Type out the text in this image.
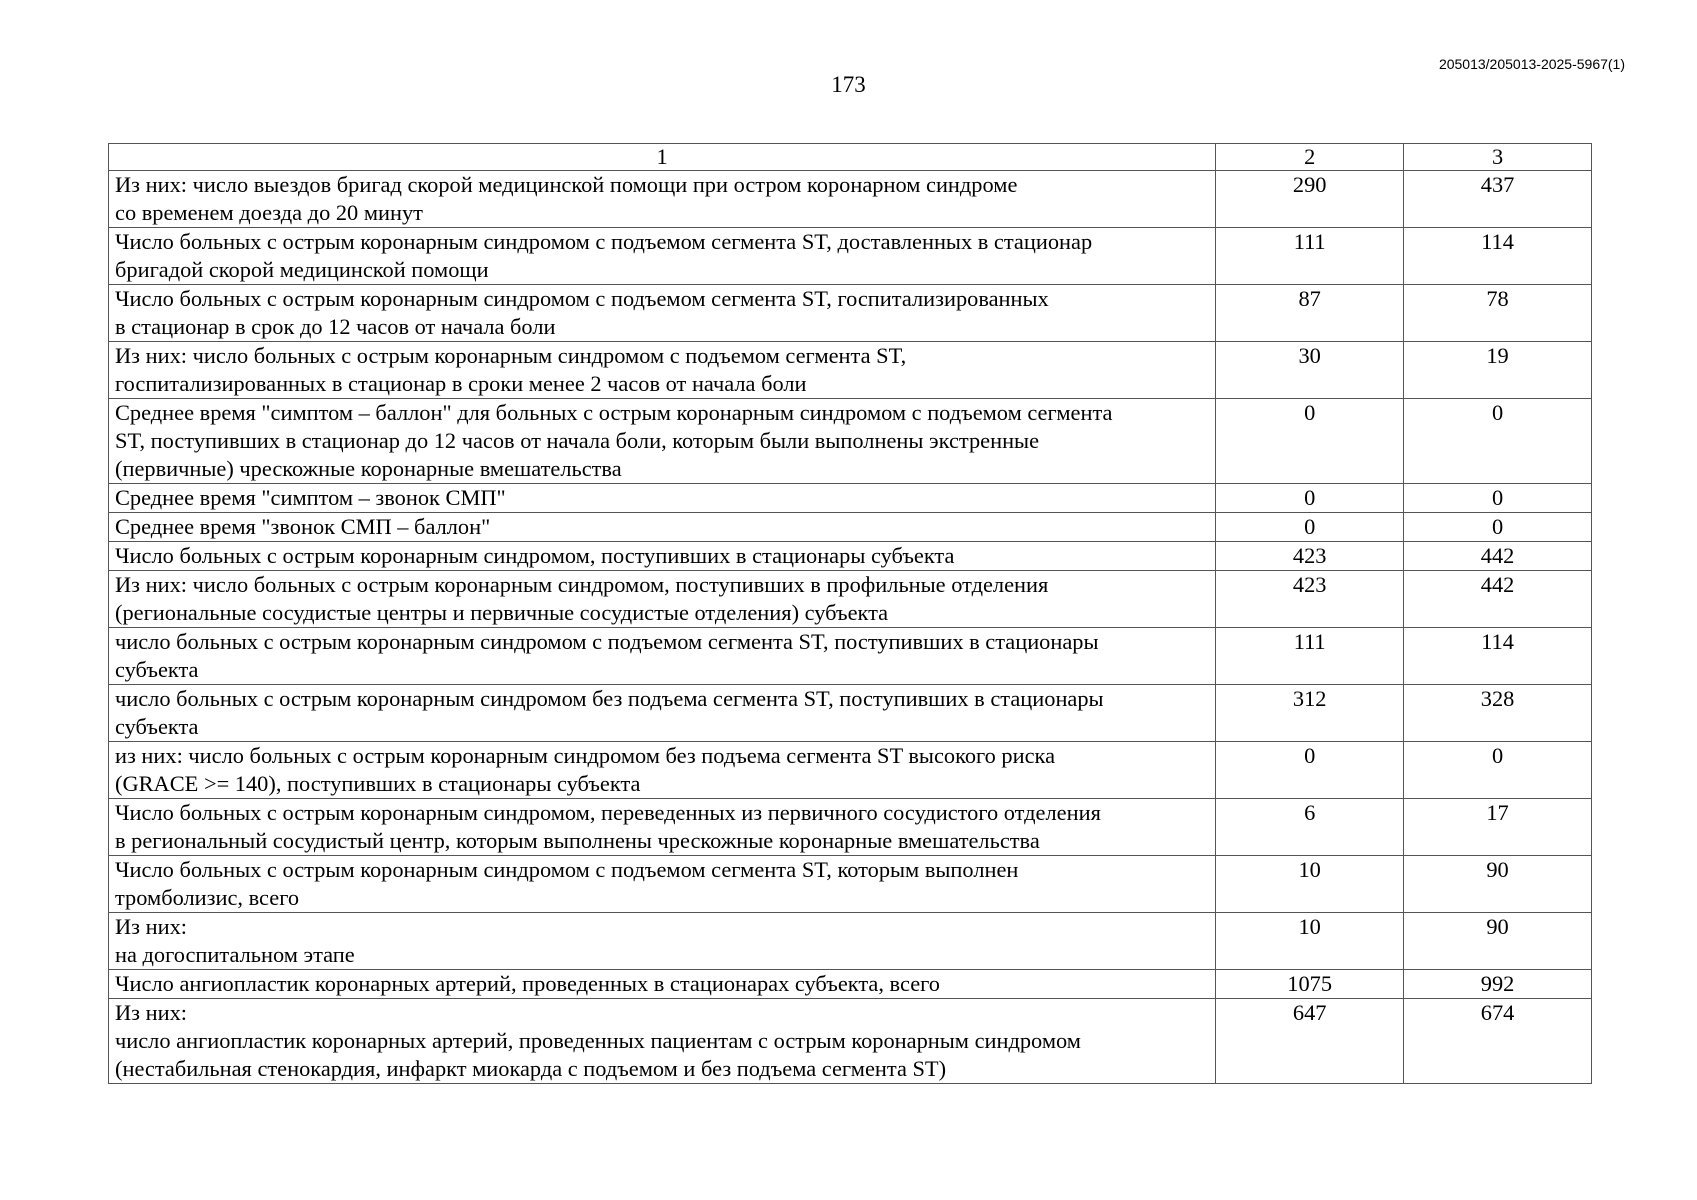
205013/205013-2025-5967(1)
173
1	2	3
Из них: число выездов бригад скорой медицинской помощи при остром коронарном синдроме
со временем доезда до 20 минут	290	437
Число больных с острым коронарным синдромом с подъемом сегмента ST, доставленных в стационар
бригадой скорой медицинской помощи	111	114
Число больных с острым коронарным синдромом с подъемом сегмента ST, госпитализированных
в стационар в срок до 12 часов от начала боли	87	78
Из них: число больных с острым коронарным синдромом с подъемом сегмента ST,
госпитализированных в стационар в сроки менее 2 часов от начала боли	30	19
Среднее время "симптом – баллон" для больных с острым коронарным синдромом с подъемом сегмента
ST, поступивших в стационар до 12 часов от начала боли, которым были выполнены экстренные
(первичные) чрескожные коронарные вмешательства	0	0
Среднее время "симптом – звонок СМП"	0	0
Среднее время "звонок СМП – баллон"	0	0
Число больных с острым коронарным синдромом, поступивших в стационары субъекта	423	442
Из них: число больных с острым коронарным синдромом, поступивших в профильные отделения
(региональные сосудистые центры и первичные сосудистые отделения) субъекта	423	442
число больных с острым коронарным синдромом с подъемом сегмента ST, поступивших в стационары
субъекта	111	114
число больных с острым коронарным синдромом без подъема сегмента ST, поступивших в стационары
субъекта	312	328
из них: число больных с острым коронарным синдромом без подъема сегмента ST высокого риска
(GRACE >= 140), поступивших в стационары субъекта	0	0
Число больных с острым коронарным синдромом, переведенных из первичного сосудистого отделения
в региональный сосудистый центр, которым выполнены чрескожные коронарные вмешательства	6	17
Число больных с острым коронарным синдромом с подъемом сегмента ST, которым выполнен
тромболизис, всего	10	90
Из них:
на догоспитальном этапе	10	90
Число ангиопластик коронарных артерий, проведенных в стационарах субъекта, всего	1075	992
Из них:
число ангиопластик коронарных артерий, проведенных пациентам с острым коронарным синдромом
(нестабильная стенокардия, инфаркт миокарда с подъемом и без подъема сегмента ST)	647	674
